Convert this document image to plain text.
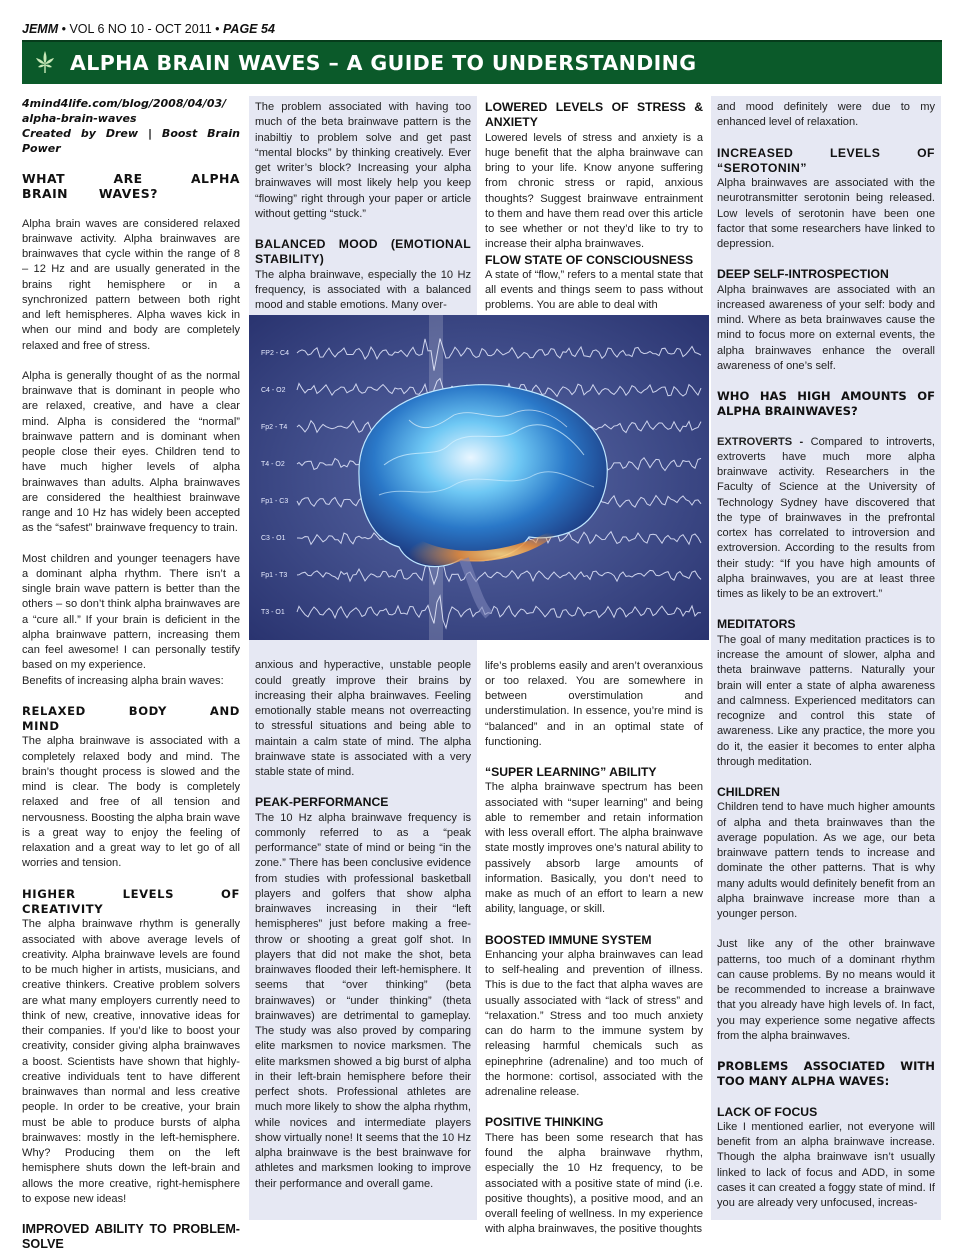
JEMM • VOL 6 NO 10 - OCT 2011 • PAGE 54
ALPHA BRAIN WAVES – A GUIDE TO UNDERSTANDING

4mind4life.com/blog/2008/04/03/ alpha-brain-waves

Created by Drew | Boost Brain Power

WHAT ARE ALPHA BRAIN WAVES?

Alpha brain waves are considered relaxed brainwave activity. Alpha brainwaves are brainwaves that cycle within the range of 8 – 12 Hz and are usually generated in the brains right hemisphere or in a synchronized pattern between both right and left hemispheres. Alpha waves kick in when our mind and body are completely relaxed and free of stress.

Alpha is generally thought of as the normal brainwave that is dominant in people who are relaxed, creative, and have a clear mind. Alpha is considered the “normal” brainwave pattern and is dominant when people close their eyes. Children tend to have much higher levels of alpha brainwaves than adults. Alpha brainwaves are considered the healthiest brainwave range and 10 Hz has widely been accepted as the “safest” brainwave frequency to train.

Most children and younger teenagers have a dominant alpha rhythm. There isn’t a single brain wave pattern is better than the others – so don’t think alpha brainwaves are a “cure all.” If your brain is deficient in the alpha brainwave pattern, increasing them can feel awesome! I can personally testify based on my experience.

Benefits of increasing alpha brain waves:

RELAXED BODY AND MIND

The alpha brainwave is associated with a completely relaxed body and mind. The brain’s thought process is slowed and the mind is clear. The body is completely relaxed and free of all tension and nervousness. Boosting the alpha brain wave is a great way to enjoy the feeling of relaxation and a great way to let go of all worries and tension.

HIGHER LEVELS OF CREATIVITY

The alpha brainwave rhythm is generally associated with above average levels of creativity. Alpha brainwave levels are found to be much higher in artists, musicians, and creative thinkers. Creative problem solvers are what many employers currently need to think of new, creative, innovative ideas for their companies. If you’d like to boost your creativity, consider giving alpha brainwaves a boost. Scientists have shown that highly-creative individuals tent to have different brainwaves than normal and less creative people. In order to be creative, your brain must be able to produce bursts of alpha brainwaves: mostly in the left-hemisphere. Why? Producing them on the left hemisphere shuts down the left-brain and allows the more creative, right-hemisphere to expose new ideas!

IMPROVED ABILITY TO PROBLEM-SOLVE

The problem associated with having too much of the beta brainwave pattern is the inabiltiy to problem solve and get past “mental blocks” by thinking creatively. Ever get writer’s block? Increasing your alpha brainwaves will most likely help you keep “flowing” right through your paper or article without getting “stuck.”

BALANCED MOOD (EMOTIONAL STABILITY)

The alpha brainwave, especially the 10 Hz frequency, is associated with a balanced mood and stable emotions. Many over-

anxious and hyperactive, unstable people could greatly improve their brains by increasing their alpha brainwaves. Feeling emotionally stable means not overreacting to stressful situations and being able to maintain a calm state of mind. The alpha brainwave state is associated with a very stable state of mind.

PEAK-PERFORMANCE

The 10 Hz alpha brainwave frequency is commonly referred to as a “peak performance” state of mind or being “in the zone.” There has been conclusive evidence from studies with professional basketball players and golfers that show alpha brainwaves increasing in their “left hemispheres” just before making a free-throw or shooting a great golf shot. In players that did not make the shot, beta brainwaves flooded their left-hemisphere. It seems that “over thinking” (beta brainwaves) or “under thinking” (theta brainwaves) are detrimental to gameplay. The study was also proved by comparing elite marksmen to novice marksmen. The elite marksmen showed a big burst of alpha in their left-brain hemisphere before their perfect shots. Professional athletes are much more likely to show the alpha rhythm, while novices and intermediate players show virtually none! It seems that the 10 Hz alpha brainwave is the best brainwave for athletes and marksmen looking to improve their performance and overall game.

LOWERED LEVELS OF STRESS & ANXIETY

Lowered levels of stress and anxiety is a huge benefit that the alpha brainwave can bring to your life. Know anyone suffering from chronic stress or rapid, anxious thoughts? Suggest brainwave entrainment to them and have them read over this article to see whether or not they’d like to try to increase their alpha brainwaves.

FLOW STATE OF CONSCIOUSNESS

A state of “flow,” refers to a mental state that all events and things seem to pass without problems. You are able to deal with

life’s problems easily and aren’t overanxious or too relaxed. You are somewhere in between overstimulation and understimulation. In essence, you’re mind is “balanced” and in an optimal state of functioning.

“SUPER LEARNING” ABILITY

The alpha brainwave spectrum has been associated with “super learning” and being able to remember and retain information with less overall effort. The alpha brainwave state mostly improves one’s natural ability to passively absorb large amounts of information. Basically, you don’t need to make as much of an effort to learn a new ability, language, or skill.

BOOSTED IMMUNE SYSTEM

Enhancing your alpha brainwaves can lead to self-healing and prevention of illness. This is due to the fact that alpha waves are usually associated with “lack of stress” and “relaxation.” Stress and too much anxiety can do harm to the immune system by releasing harmful chemicals such as epinephrine (adrenaline) and too much of the hormone: cortisol, associated with the adrenaline release.

POSITIVE THINKING

There has been some research that has found the alpha brainwave rhythm, especially the 10 Hz frequency, to be associated with a positive state of mind (i.e. positive thoughts), a positive mood, and an overall feeling of wellness. In my experience with alpha brainwaves, the positive thoughts

and mood definitely were due to my enhanced level of relaxation.

INCREASED LEVELS OF “SEROTONIN”

Alpha brainwaves are associated with the neurotransmitter serotonin being released. Low levels of serotonin have been one factor that some researchers have linked to depression.

DEEP SELF-INTROSPECTION

Alpha brainwaves are associated with an increased awareness of your self: body and mind. Where as beta brainwaves cause the mind to focus more on external events, the alpha brainwaves enhance the overall awareness of one’s self.

WHO HAS HIGH AMOUNTS OF ALPHA BRAINWAVES?

EXTROVERTS - Compared to introverts, extroverts have much more alpha brainwave activity. Researchers in the Faculty of Science at the University of Technology Sydney have discovered that the type of brainwaves in the prefrontal cortex has correlated to introversion and extroversion. According to the results from their study: “If you have high amounts of alpha brainwaves, you are at least three times as likely to be an extrovert.”

MEDITATORS

The goal of many meditation practices is to increase the amount of slower, alpha and theta brainwave patterns. Naturally your brain will enter a state of alpha awareness and calmness. Experienced meditators can recognize and control this state of awareness. Like any practice, the more you do it, the easier it becomes to enter alpha through meditation.

CHILDREN

Children tend to have much higher amounts of alpha and theta brainwaves than the average population. As we age, our beta brainwave pattern tends to increase and dominate the other patterns. That is why many adults would definitely benefit from an alpha brainwave increase more than a younger person.

Just like any of the other brainwave patterns, too much of a dominant rhythm can cause problems. By no means would it be recommended to increase a brainwave that you already have high levels of. In fact, you may experience some negative affects from the alpha brainwaves.

PROBLEMS ASSOCIATED WITH TOO MANY ALPHA WAVES:
LACK OF FOCUS

Like I mentioned earlier, not everyone will benefit from an alpha brainwave increase. Though the alpha brainwave isn’t usually linked to lack of focus and ADD, in some cases it can created a foggy state of mind. If you are already very unfocused, increas-

FP2 - C4
C4 - O2
Fp2 - T4
T4 - O2
Fp1 - C3
C3 - O1
Fp1 - T3
T3 - O1
